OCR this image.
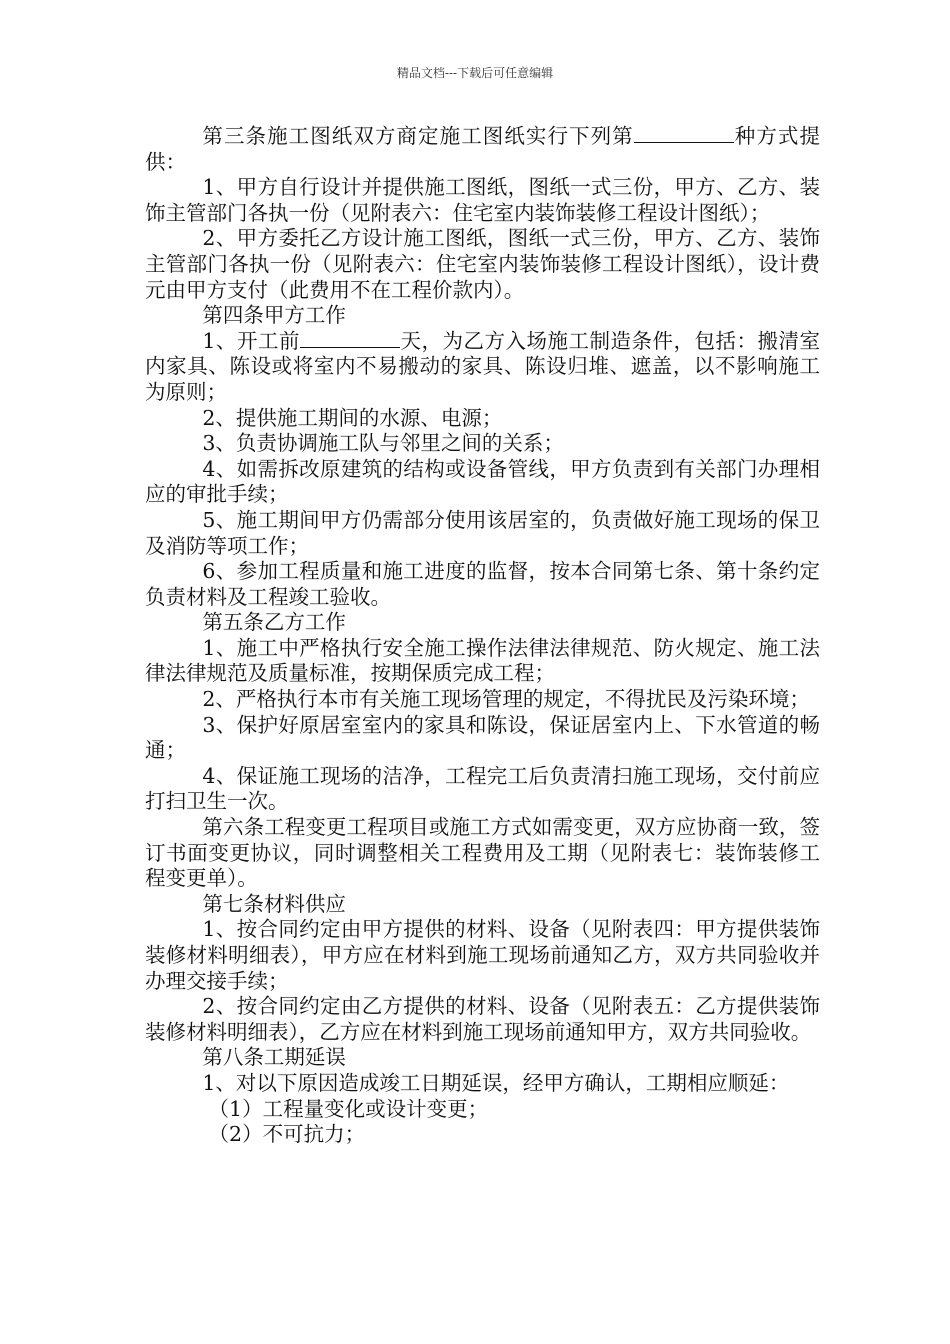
精品文档---下载后可任意编辑

第三条施工图纸双方商定施工图纸实行下列第	种方式提供：

1、甲方自行设计并提供施工图纸，图纸一式三份，甲方、乙方、装饰主管部门各执一份（见附表六：住宅室内装饰装修工程设计图纸）；

2、甲方委托乙方设计施工图纸，图纸一式三份，甲方、乙方、装饰主管部门各执一份（见附表六：住宅室内装饰装修工程设计图纸），设计费元由甲方支付（此费用不在工程价款内）。

第四条甲方工作

1、开工前	天，为乙方入场施工制造条件，包括：搬清室内家具、陈设或将室内不易搬动的家具、陈设归堆、遮盖，以不影响施工为原则；

2、提供施工期间的水源、电源；

3、负责协调施工队与邻里之间的关系；

4、如需拆改原建筑的结构或设备管线，甲方负责到有关部门办理相应的审批手续；

5、施工期间甲方仍需部分使用该居室的，负责做好施工现场的保卫及消防等项工作；

6、参加工程质量和施工进度的监督，按本合同第七条、第十条约定负责材料及工程竣工验收。

第五条乙方工作

1、施工中严格执行安全施工操作法律法律规范、防火规定、施工法律法律规范及质量标准，按期保质完成工程；

2、严格执行本市有关施工现场管理的规定，不得扰民及污染环境；

3、保护好原居室室内的家具和陈设，保证居室内上、下水管道的畅通；

4、保证施工现场的洁净，工程完工后负责清扫施工现场，交付前应打扫卫生一次。

第六条工程变更工程项目或施工方式如需变更，双方应协商一致，签订书面变更协议，同时调整相关工程费用及工期（见附表七：装饰装修工程变更单）。

第七条材料供应

1、按合同约定由甲方提供的材料、设备（见附表四：甲方提供装饰装修材料明细表），甲方应在材料到施工现场前通知乙方，双方共同验收并办理交接手续；

2、按合同约定由乙方提供的材料、设备（见附表五：乙方提供装饰装修材料明细表），乙方应在材料到施工现场前通知甲方，双方共同验收。

第八条工期延误

1、对以下原因造成竣工日期延误，经甲方确认，工期相应顺延：

（1）工程量变化或设计变更；

（2）不可抗力；
